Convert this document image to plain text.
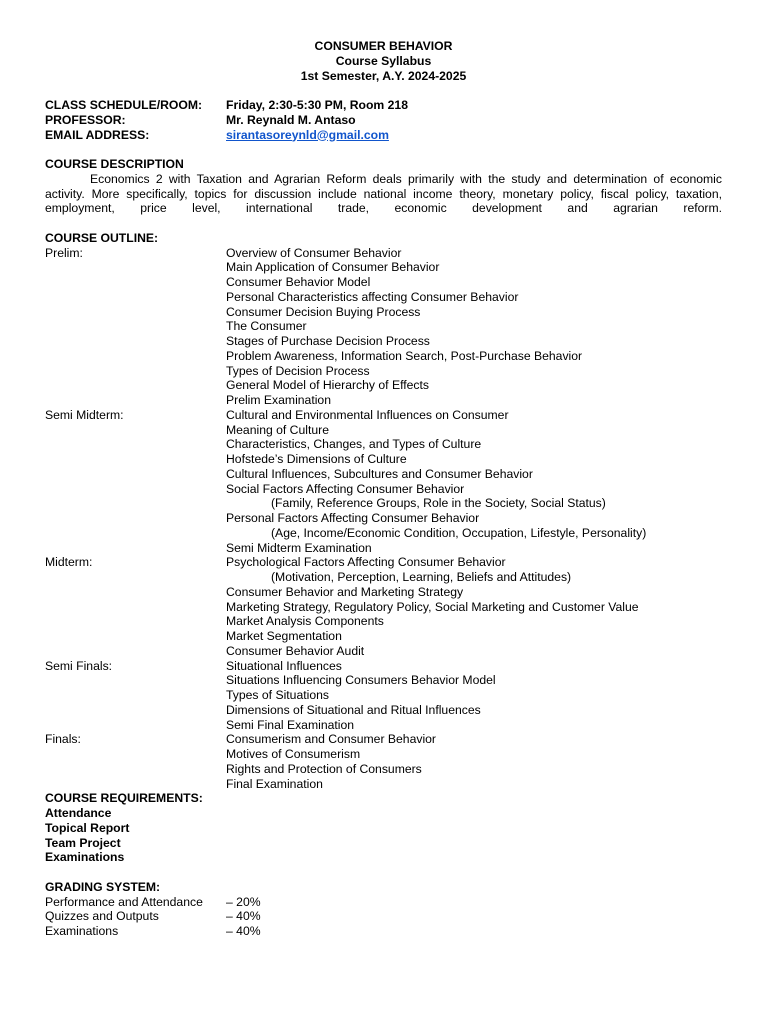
CONSUMER BEHAVIOR
Course Syllabus
1st Semester, A.Y. 2024-2025
CLASS SCHEDULE/ROOM:	Friday, 2:30-5:30 PM, Room 218
PROFESSOR:	Mr. Reynald M. Antaso
EMAIL ADDRESS:	sirantasoreynld@gmail.com
COURSE DESCRIPTION
Economics 2 with Taxation and Agrarian Reform deals primarily with the study and determination of economic activity. More specifically, topics for discussion include national income theory, monetary policy, fiscal policy, taxation, employment, price level, international trade, economic development and agrarian reform.
COURSE OUTLINE:
Prelim:	Overview of Consumer Behavior
Main Application of Consumer Behavior
Consumer Behavior Model
Personal Characteristics affecting Consumer Behavior
Consumer Decision Buying Process
The Consumer
Stages of Purchase Decision Process
Problem Awareness, Information Search, Post-Purchase Behavior
Types of Decision Process
General Model of Hierarchy of Effects
Prelim Examination
Semi Midterm:	Cultural and Environmental Influences on Consumer
Meaning of Culture
Characteristics, Changes, and Types of Culture
Hofstede’s Dimensions of Culture
Cultural Influences, Subcultures and Consumer Behavior
Social Factors Affecting Consumer Behavior
(Family, Reference Groups, Role in the Society, Social Status)
Personal Factors Affecting Consumer Behavior
(Age, Income/Economic Condition, Occupation, Lifestyle, Personality)
Semi Midterm Examination
Midterm:	Psychological Factors Affecting Consumer Behavior
(Motivation, Perception, Learning, Beliefs and Attitudes)
Consumer Behavior and Marketing Strategy
Marketing Strategy, Regulatory Policy, Social Marketing and Customer Value
Market Analysis Components
Market Segmentation
Consumer Behavior Audit
Semi Finals:	Situational Influences
Situations Influencing Consumers Behavior Model
Types of Situations
Dimensions of Situational and Ritual Influences
Semi Final Examination
Finals:	Consumerism and Consumer Behavior
Motives of Consumerism
Rights and Protection of Consumers
Final Examination
COURSE REQUIREMENTS:
Attendance
Topical Report
Team Project
Examinations
GRADING SYSTEM:
Performance and Attendance	– 20%
Quizzes and Outputs	– 40%
Examinations	– 40%
